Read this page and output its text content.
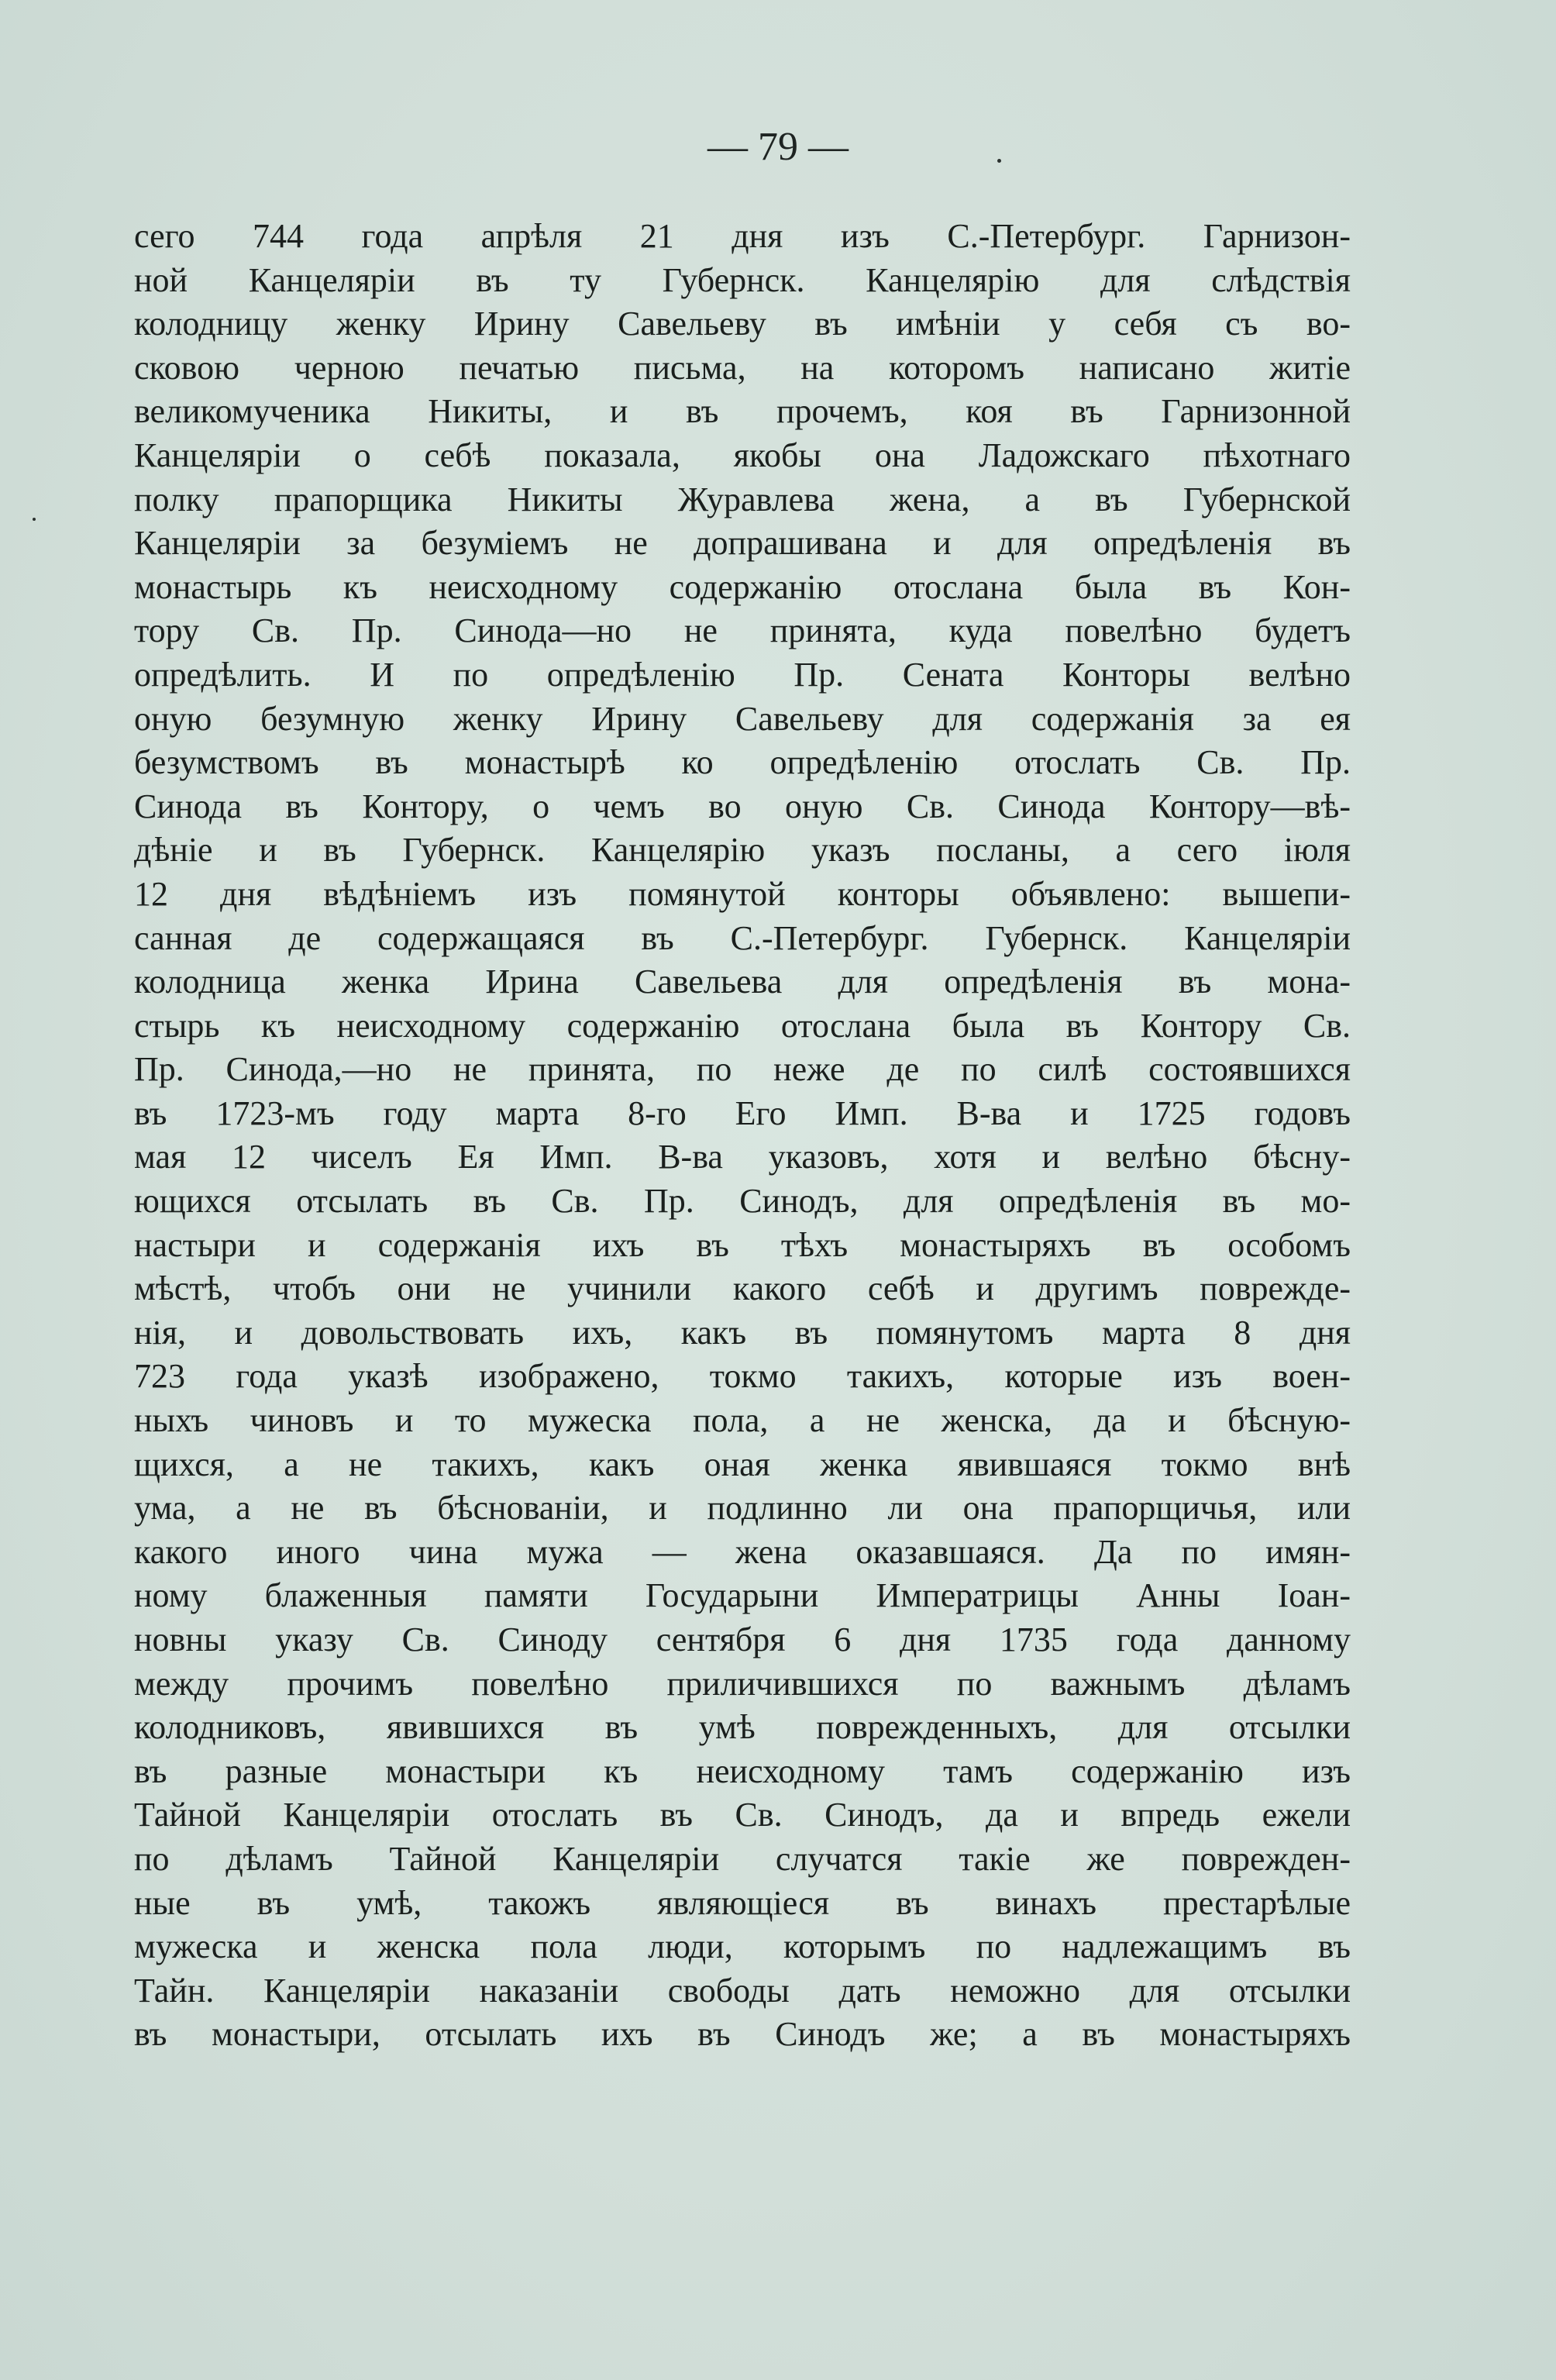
— 79 —
сего 744 года апрѣля 21 дня изъ С.-Петербург. Гарнизон-
ной Канцеляріи въ ту Губернск. Канцелярію для слѣдствія
колодницу женку Ирину Савельеву въ имѣніи у себя съ во-
сковою черною печатью письма, на которомъ написано житіе
великомученика Никиты, и въ прочемъ, коя въ Гарнизонной
Канцеляріи о себѣ показала, якобы она Ладожскаго пѣхотнаго
полку прапорщика Никиты Журавлева жена, а въ Губернской
Канцеляріи за безуміемъ не допрашивана и для опредѣленія въ
монастырь къ неисходному содержанію отослана была въ Кон-
тору Св. Пр. Синода—но не принята, куда повелѣно будетъ
опредѣлить. И по опредѣленію Пр. Сената Конторы велѣно
оную безумную женку Ирину Савельеву для содержанія за ея
безумствомъ въ монастырѣ ко опредѣленію отослать Св. Пр.
Синода въ Контору, о чемъ во оную Св. Синода Контору—вѣ-
дѣніе и въ Губернск. Канцелярію указъ посланы, а сего іюля
12 дня вѣдѣніемъ изъ помянутой конторы объявлено: вышепи-
санная де содержащаяся въ С.-Петербург. Губернск. Канцеляріи
колодница женка Ирина Савельева для опредѣленія въ мона-
стырь къ неисходному содержанію отослана была въ Контору Св.
Пр. Синода,—но не принята, по неже де по силѣ состоявшихся
въ 1723-мъ году марта 8-го Его Имп. В-ва и 1725 годовъ
мая 12 чиселъ Ея Имп. В-ва указовъ, хотя и велѣно бѣсну-
ющихся отсылать въ Св. Пр. Синодъ, для опредѣленія въ мо-
настыри и содержанія ихъ въ тѣхъ монастыряхъ въ особомъ
мѣстѣ, чтобъ они не учинили какого себѣ и другимъ поврежде-
нія, и довольствовать ихъ, какъ въ помянутомъ марта 8 дня
723 года указѣ изображено, токмо такихъ, которые изъ воен-
ныхъ чиновъ и то мужеска пола, а не женска, да и бѣсную-
щихся, а не такихъ, какъ оная женка явившаяся токмо внѣ
ума, а не въ бѣснованіи, и подлинно ли она прапорщичья, или
какого иного чина мужа — жена оказавшаяся. Да по имян-
ному блаженныя памяти Государыни Императрицы Анны Іоан-
новны указу Св. Синоду сентября 6 дня 1735 года данному
между прочимъ повелѣно приличившихся по важнымъ дѣламъ
колодниковъ, явившихся въ умѣ поврежденныхъ, для отсылки
въ разные монастыри къ неисходному тамъ содержанію изъ
Тайной Канцеляріи отослать въ Св. Синодъ, да и впредь ежели
по дѣламъ Тайной Канцеляріи случатся такіе же поврежден-
ные въ умѣ, такожъ являющіеся въ винахъ престарѣлые
мужеска и женска пола люди, которымъ по надлежащимъ въ
Тайн. Канцеляріи наказаніи свободы дать неможно для отсылки
въ монастыри, отсылать ихъ въ Синодъ же; а въ монастыряхъ
